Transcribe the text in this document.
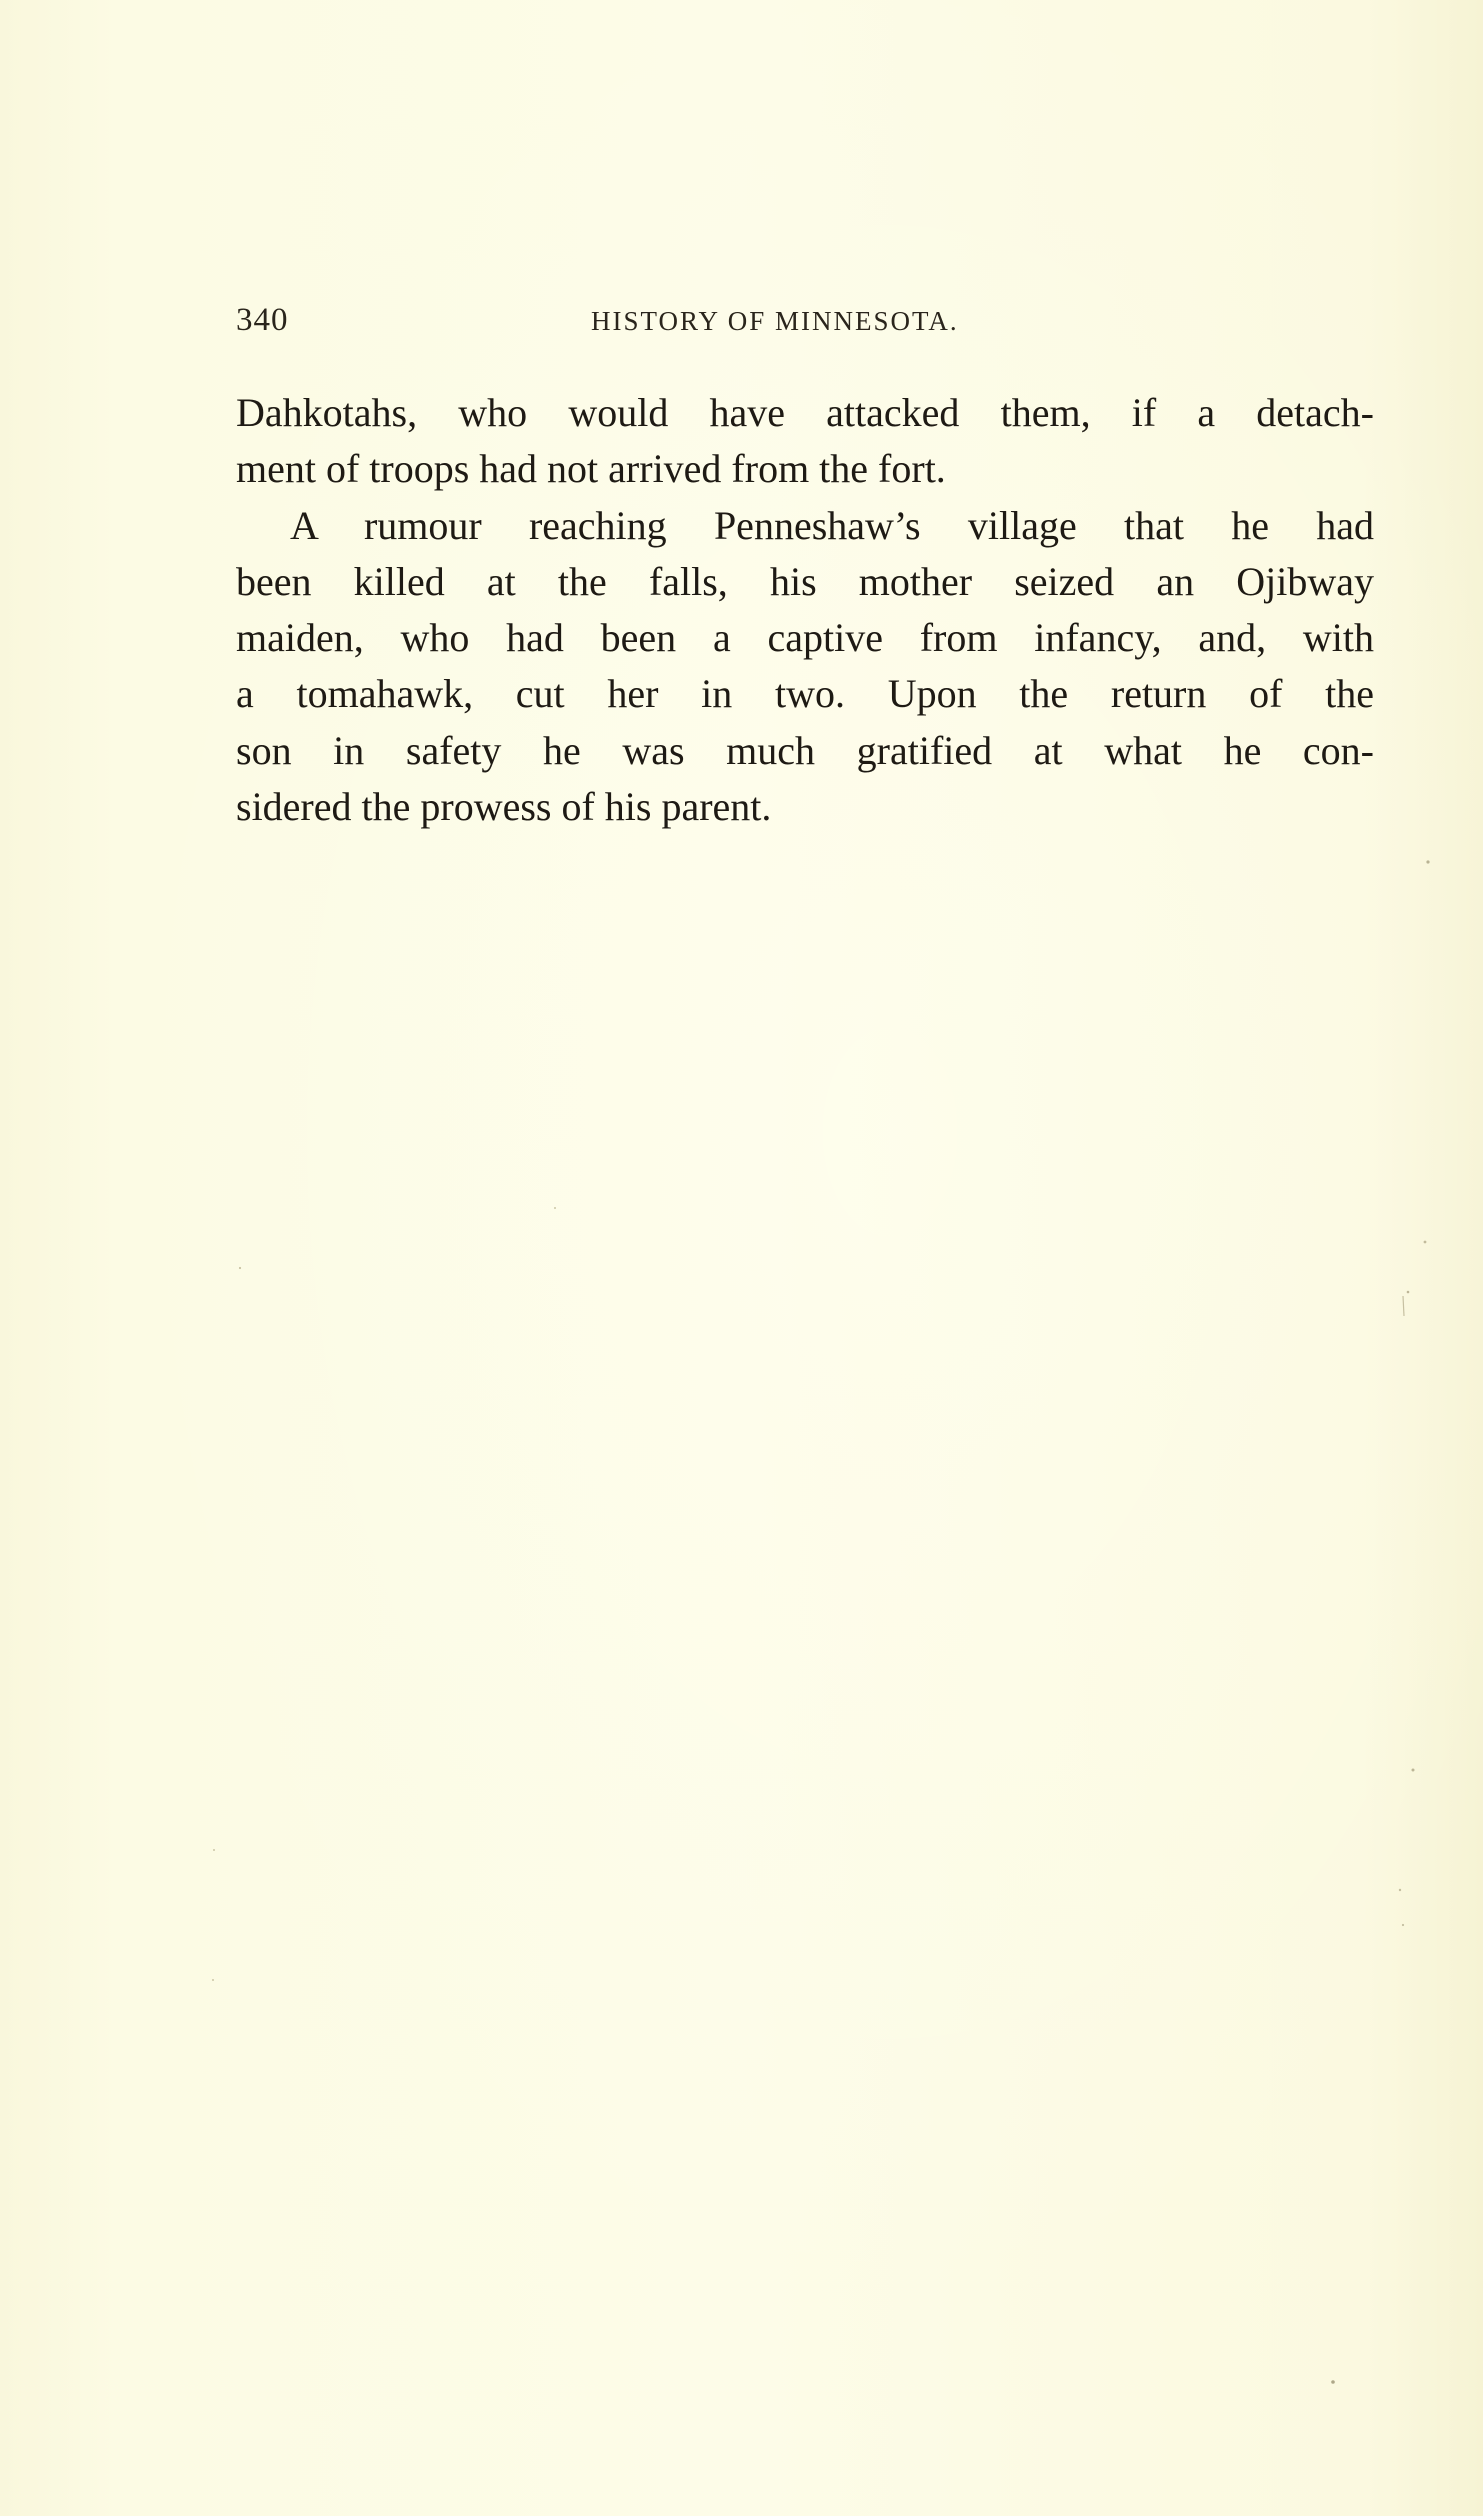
340	HISTORY OF MINNESOTA.
Dahkotahs, who would have attacked them, if a detach-
ment of troops had not arrived from the fort.
A rumour reaching Penneshaw’s village that he had
been killed at the falls, his mother seized an Ojibway
maiden, who had been a captive from infancy, and, with
a tomahawk, cut her in two. Upon the return of the
son in safety he was much gratified at what he con-
sidered the prowess of his parent.
